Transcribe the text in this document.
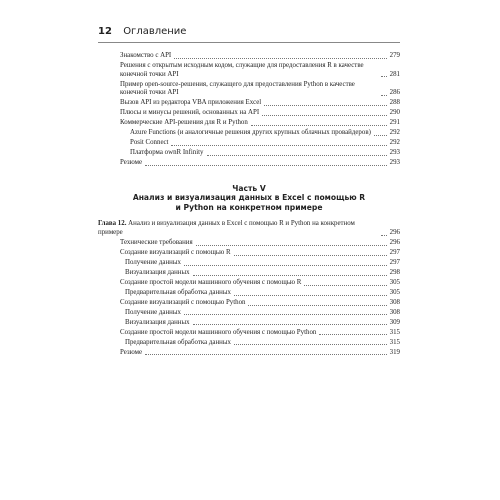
12 Оглавление
Знакомство с API	279
Решения с открытым исходным кодом, служащие для предоставления R в качестве конечной точки API	281
Пример open-source-решения, служащего для предоставления Python в качестве конечной точки API	286
Вызов API из редактора VBA приложения Excel	288
Плюсы и минусы решений, основанных на API	290
Коммерческие API-решения для R и Python	291
Azure Functions (и аналогичные решения других крупных облачных провайдеров)	292
Posit Connect	292
Платформа ownR Infinity	293
Резюме	293
Часть V
Анализ и визуализация данных в Excel с помощью R
и Python на конкретном примере
Глава 12. Анализ и визуализация данных в Excel с помощью R и Python на конкретном примере	296
Технические требования	296
Создание визуализаций с помощью R	297
Получение данных	297
Визуализация данных	298
Создание простой модели машинного обучения с помощью R	305
Предварительная обработка данных	305
Создание визуализаций с помощью Python	308
Получение данных	308
Визуализация данных	309
Создание простой модели машинного обучения с помощью Python	315
Предварительная обработка данных	315
Резюме	319
